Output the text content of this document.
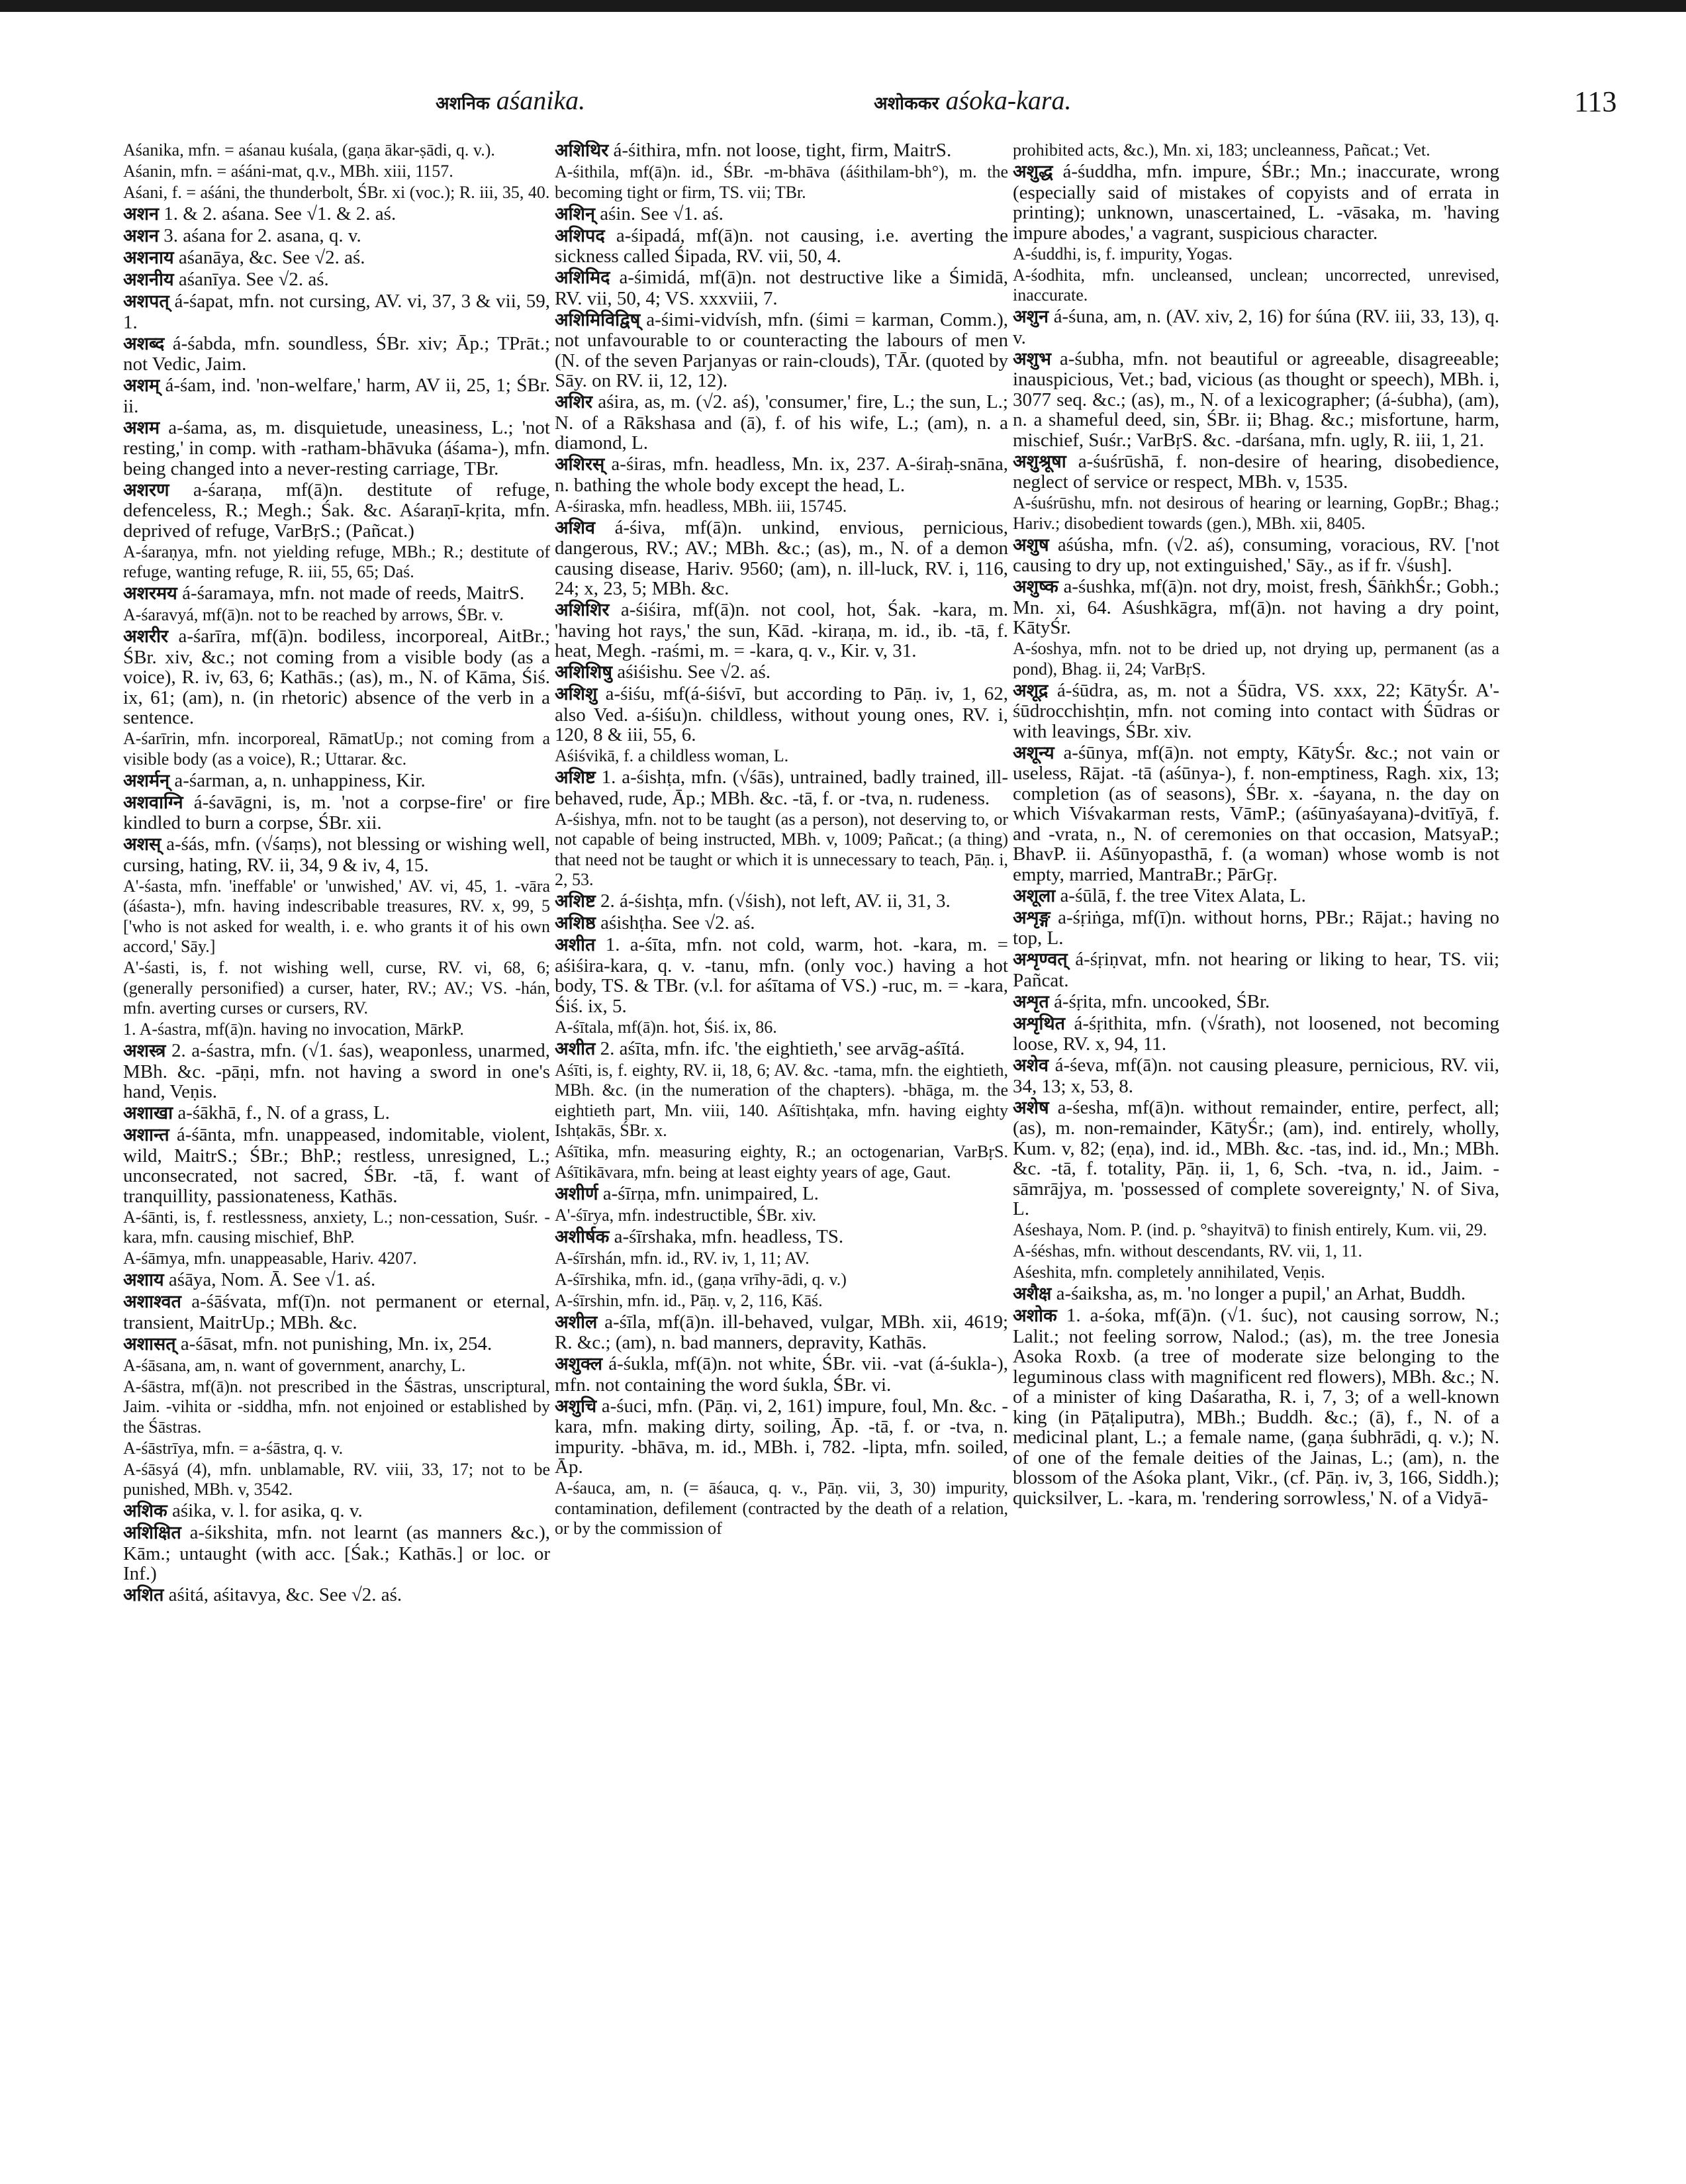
अशनिक aśanika.	अशोककर aśoka-kara.	113

Aśanika, mfn. = aśanau kuśala, (gaṇa ākar-ṣādi, q. v.).

Aśanin, mfn. = aśáni-mat, q.v., MBh. xiii, 1157.

Aśani, f. = aśáni, the thunderbolt, ŚBr. xi (voc.); R. iii, 35, 40.

अशन 1. & 2. aśana. See √1. & 2. aś.

अशन 3. aśana for 2. asana, q. v.

अशनाय aśanāya, &c. See √2. aś.

अशनीय aśanīya. See √2. aś.

अशपत् á-śapat, mfn. not cursing, AV. vi, 37, 3 & vii, 59, 1.

अशब्द á-śabda, mfn. soundless, ŚBr. xiv; Āp.; TPrāt.; not Vedic, Jaim.

अशम् á-śam, ind. 'non-welfare,' harm, AV ii, 25, 1; ŚBr. ii.

अशम a-śama, as, m. disquietude, uneasiness, L.; 'not resting,' in comp. with -ratham-bhāvuka (áśama-), mfn. being changed into a never-resting carriage, TBr.

अशरण a-śaraṇa, mf(ā)n. destitute of refuge, defenceless, R.; Megh.; Śak. &c. Aśaraṇī-kṛita, mfn. deprived of refuge, VarBṛS.; (Pañcat.)

A-śaraṇya, mfn. not yielding refuge, MBh.; R.; destitute of refuge, wanting refuge, R. iii, 55, 65; Daś.

अशरमय á-śaramaya, mfn. not made of reeds, MaitrS.

A-śaravyá, mf(ā)n. not to be reached by arrows, ŚBr. v.

अशरीर a-śarīra, mf(ā)n. bodiless, incorporeal, AitBr.; ŚBr. xiv, &c.; not coming from a visible body (as a voice), R. iv, 63, 6; Kathās.; (as), m., N. of Kāma, Śiś. ix, 61; (am), n. (in rhetoric) absence of the verb in a sentence.

A-śarīrin, mfn. incorporeal, RāmatUp.; not coming from a visible body (as a voice), R.; Uttarar. &c.

अशर्मन् a-śarman, a, n. unhappiness, Kir.

अशवाग्नि á-śavāgni, is, m. 'not a corpse-fire' or fire kindled to burn a corpse, ŚBr. xii.

अशस् a-śás, mfn. (√śaṃs), not blessing or wishing well, cursing, hating, RV. ii, 34, 9 & iv, 4, 15.

A'-śasta, mfn. 'ineffable' or 'unwished,' AV. vi, 45, 1. -vāra (áśasta-), mfn. having indescribable treasures, RV. x, 99, 5 ['who is not asked for wealth, i. e. who grants it of his own accord,' Sāy.]

A'-śasti, is, f. not wishing well, curse, RV. vi, 68, 6; (generally personified) a curser, hater, RV.; AV.; VS. -hán, mfn. averting curses or cursers, RV.

1. A-śastra, mf(ā)n. having no invocation, MārkP.

अशस्त्र 2. a-śastra, mfn. (√1. śas), weaponless, unarmed, MBh. &c. -pāṇi, mfn. not having a sword in one's hand, Veṇis.

अशाखा a-śākhā, f., N. of a grass, L.

अशान्त á-śānta, mfn. unappeased, indomitable, violent, wild, MaitrS.; ŚBr.; BhP.; restless, unresigned, L.; unconsecrated, not sacred, ŚBr. -tā, f. want of tranquillity, passionateness, Kathās.

A-śānti, is, f. restlessness, anxiety, L.; non-cessation, Suśr. -kara, mfn. causing mischief, BhP.

A-śāmya, mfn. unappeasable, Hariv. 4207.

अशाय aśāya, Nom. Ā. See √1. aś.

अशाश्वत a-śāśvata, mf(ī)n. not permanent or eternal, transient, MaitrUp.; MBh. &c.

अशासत् a-śāsat, mfn. not punishing, Mn. ix, 254.

A-śāsana, am, n. want of government, anarchy, L.

A-śāstra, mf(ā)n. not prescribed in the Śāstras, unscriptural, Jaim. -vihita or -siddha, mfn. not enjoined or established by the Śāstras.

A-śāstrīya, mfn. = a-śāstra, q. v.

A-śāsyá (4), mfn. unblamable, RV. viii, 33, 17; not to be punished, MBh. v, 3542.

अशिक aśika, v. l. for asika, q. v.

अशिक्षित a-śikshita, mfn. not learnt (as manners &c.), Kām.; untaught (with acc. [Śak.; Kathās.] or loc. or Inf.)

अशित aśitá, aśitavya, &c. See √2. aś.

अशिथिर á-śithira, mfn. not loose, tight, firm, MaitrS.

A-śithila, mf(ā)n. id., ŚBr. -m-bhāva (áśithilam-bh°), m. the becoming tight or firm, TS. vii; TBr.

अशिन् aśin. See √1. aś.

अशिपद a-śipadá, mf(ā)n. not causing, i.e. averting the sickness called Śipada, RV. vii, 50, 4.

अशिमिद a-śimidá, mf(ā)n. not destructive like a Śimidā, RV. vii, 50, 4; VS. xxxviii, 7.

अशिमिविद्विष् a-śimi-vidvísh, mfn. (śimi = karman, Comm.), not unfavourable to or counteracting the labours of men (N. of the seven Parjanyas or rain-clouds), TĀr. (quoted by Sāy. on RV. ii, 12, 12).

अशिर aśira, as, m. (√2. aś), 'consumer,' fire, L.; the sun, L.; N. of a Rākshasa and (ā), f. of his wife, L.; (am), n. a diamond, L.

अशिरस् a-śiras, mfn. headless, Mn. ix, 237. A-śiraḥ-snāna, n. bathing the whole body except the head, L.

A-śiraska, mfn. headless, MBh. iii, 15745.

अशिव á-śiva, mf(ā)n. unkind, envious, pernicious, dangerous, RV.; AV.; MBh. &c.; (as), m., N. of a demon causing disease, Hariv. 9560; (am), n. ill-luck, RV. i, 116, 24; x, 23, 5; MBh. &c.

अशिशिर a-śiśira, mf(ā)n. not cool, hot, Śak. -kara, m. 'having hot rays,' the sun, Kād. -kiraṇa, m. id., ib. -tā, f. heat, Megh. -raśmi, m. = -kara, q. v., Kir. v, 31.

अशिशिषु aśiśishu. See √2. aś.

अशिशु a-śiśu, mf(á-śiśvī, but according to Pāṇ. iv, 1, 62, also Ved. a-śiśu)n. childless, without young ones, RV. i, 120, 8 & iii, 55, 6.

Aśiśvikā, f. a childless woman, L.

अशिष्ट 1. a-śishṭa, mfn. (√śās), untrained, badly trained, ill-behaved, rude, Āp.; MBh. &c. -tā, f. or -tva, n. rudeness.

A-śishya, mfn. not to be taught (as a person), not deserving to, or not capable of being instructed, MBh. v, 1009; Pañcat.; (a thing) that need not be taught or which it is unnecessary to teach, Pāṇ. i, 2, 53.

अशिष्ट 2. á-śishṭa, mfn. (√śish), not left, AV. ii, 31, 3.

अशिष्ठ aśishṭha. See √2. aś.

अशीत 1. a-śīta, mfn. not cold, warm, hot. -kara, m. = aśiśira-kara, q. v. -tanu, mfn. (only voc.) having a hot body, TS. & TBr. (v.l. for aśītama of VS.) -ruc, m. = -kara, Śiś. ix, 5.

A-śītala, mf(ā)n. hot, Śiś. ix, 86.

अशीत 2. aśīta, mfn. ifc. 'the eightieth,' see arvāg-aśītá.

Aśīti, is, f. eighty, RV. ii, 18, 6; AV. &c. -tama, mfn. the eightieth, MBh. &c. (in the numeration of the chapters). -bhāga, m. the eightieth part, Mn. viii, 140. Aśītishṭaka, mfn. having eighty Ishṭakās, ŚBr. x.

Aśītika, mfn. measuring eighty, R.; an octogenarian, VarBṛS. Aśītikāvara, mfn. being at least eighty years of age, Gaut.

अशीर्ण a-śīrṇa, mfn. unimpaired, L.

A'-śīrya, mfn. indestructible, ŚBr. xiv.

अशीर्षक a-śīrshaka, mfn. headless, TS.

A-śīrshán, mfn. id., RV. iv, 1, 11; AV.

A-śīrshika, mfn. id., (gaṇa vrīhy-ādi, q. v.)

A-śīrshin, mfn. id., Pāṇ. v, 2, 116, Kāś.

अशील a-śīla, mf(ā)n. ill-behaved, vulgar, MBh. xii, 4619; R. &c.; (am), n. bad manners, depravity, Kathās.

अशुक्ल á-śukla, mf(ā)n. not white, ŚBr. vii. -vat (á-śukla-), mfn. not containing the word śukla, ŚBr. vi.

अशुचि a-śuci, mfn. (Pāṇ. vi, 2, 161) impure, foul, Mn. &c. -kara, mfn. making dirty, soiling, Āp. -tā, f. or -tva, n. impurity. -bhāva, m. id., MBh. i, 782. -lipta, mfn. soiled, Āp.

A-śauca, am, n. (= āśauca, q. v., Pāṇ. vii, 3, 30) impurity, contamination, defilement (contracted by the death of a relation, or by the commission of

prohibited acts, &c.), Mn. xi, 183; uncleanness, Pañcat.; Vet.

अशुद्ध á-śuddha, mfn. impure, ŚBr.; Mn.; inaccurate, wrong (especially said of mistakes of copyists and of errata in printing); unknown, unascertained, L. -vāsaka, m. 'having impure abodes,' a vagrant, suspicious character.

A-śuddhi, is, f. impurity, Yogas.

A-śodhita, mfn. uncleansed, unclean; uncorrected, unrevised, inaccurate.

अशुन á-śuna, am, n. (AV. xiv, 2, 16) for śúna (RV. iii, 33, 13), q. v.

अशुभ a-śubha, mfn. not beautiful or agreeable, disagreeable; inauspicious, Vet.; bad, vicious (as thought or speech), MBh. i, 3077 seq. &c.; (as), m., N. of a lexicographer; (á-śubha), (am), n. a shameful deed, sin, ŚBr. ii; Bhag. &c.; misfortune, harm, mischief, Suśr.; VarBṛS. &c. -darśana, mfn. ugly, R. iii, 1, 21.

अशुश्रूषा a-śuśrūshā, f. non-desire of hearing, disobedience, neglect of service or respect, MBh. v, 1535.

A-śuśrūshu, mfn. not desirous of hearing or learning, GopBr.; Bhag.; Hariv.; disobedient towards (gen.), MBh. xii, 8405.

अशुष aśúsha, mfn. (√2. aś), consuming, voracious, RV. ['not causing to dry up, not extinguished,' Sāy., as if fr. √śush].

अशुष्क a-śushka, mf(ā)n. not dry, moist, fresh, ŚāṅkhŚr.; Gobh.; Mn. xi, 64. Aśushkāgra, mf(ā)n. not having a dry point, KātyŚr.

A-śoshya, mfn. not to be dried up, not drying up, permanent (as a pond), Bhag. ii, 24; VarBṛS.

अशूद्र á-śūdra, as, m. not a Śūdra, VS. xxx, 22; KātyŚr. A'-śūdrocchishṭin, mfn. not coming into contact with Śūdras or with leavings, ŚBr. xiv.

अशून्य a-śūnya, mf(ā)n. not empty, KātyŚr. &c.; not vain or useless, Rājat. -tā (aśūnya-), f. non-emptiness, Ragh. xix, 13; completion (as of seasons), ŚBr. x. -śayana, n. the day on which Viśvakarman rests, VāmP.; (aśūnyaśayana)-dvitīyā, f. and -vrata, n., N. of ceremonies on that occasion, MatsyaP.; BhavP. ii. Aśūnyopasthā, f. (a woman) whose womb is not empty, married, MantraBr.; PārGṛ.

अशूला a-śūlā, f. the tree Vitex Alata, L.

अशृङ्ग a-śṛiṅga, mf(ī)n. without horns, PBr.; Rājat.; having no top, L.

अशृण्वत् á-śṛiṇvat, mfn. not hearing or liking to hear, TS. vii; Pañcat.

अशृत á-śṛita, mfn. uncooked, ŚBr.

अशृथित á-śṛithita, mfn. (√śrath), not loosened, not becoming loose, RV. x, 94, 11.

अशेव á-śeva, mf(ā)n. not causing pleasure, pernicious, RV. vii, 34, 13; x, 53, 8.

अशेष a-śesha, mf(ā)n. without remainder, entire, perfect, all; (as), m. non-remainder, KātyŚr.; (am), ind. entirely, wholly, Kum. v, 82; (eṇa), ind. id., MBh. &c. -tas, ind. id., Mn.; MBh. &c. -tā, f. totality, Pāṇ. ii, 1, 6, Sch. -tva, n. id., Jaim. -sāmrājya, m. 'possessed of complete sovereignty,' N. of Siva, L.

Aśeshaya, Nom. P. (ind. p. °shayitvā) to finish entirely, Kum. vii, 29.

A-śéshas, mfn. without descendants, RV. vii, 1, 11.

Aśeshita, mfn. completely annihilated, Veṇis.

अशैक्ष a-śaiksha, as, m. 'no longer a pupil,' an Arhat, Buddh.

अशोक 1. a-śoka, mf(ā)n. (√1. śuc), not causing sorrow, N.; Lalit.; not feeling sorrow, Nalod.; (as), m. the tree Jonesia Asoka Roxb. (a tree of moderate size belonging to the leguminous class with magnificent red flowers), MBh. &c.; N. of a minister of king Daśaratha, R. i, 7, 3; of a well-known king (in Pāṭaliputra), MBh.; Buddh. &c.; (ā), f., N. of a medicinal plant, L.; a female name, (gaṇa śubhrādi, q. v.); N. of one of the female deities of the Jainas, L.; (am), n. the blossom of the Aśoka plant, Vikr., (cf. Pāṇ. iv, 3, 166, Siddh.); quicksilver, L. -kara, m. 'rendering sorrowless,' N. of a Vidyā-
